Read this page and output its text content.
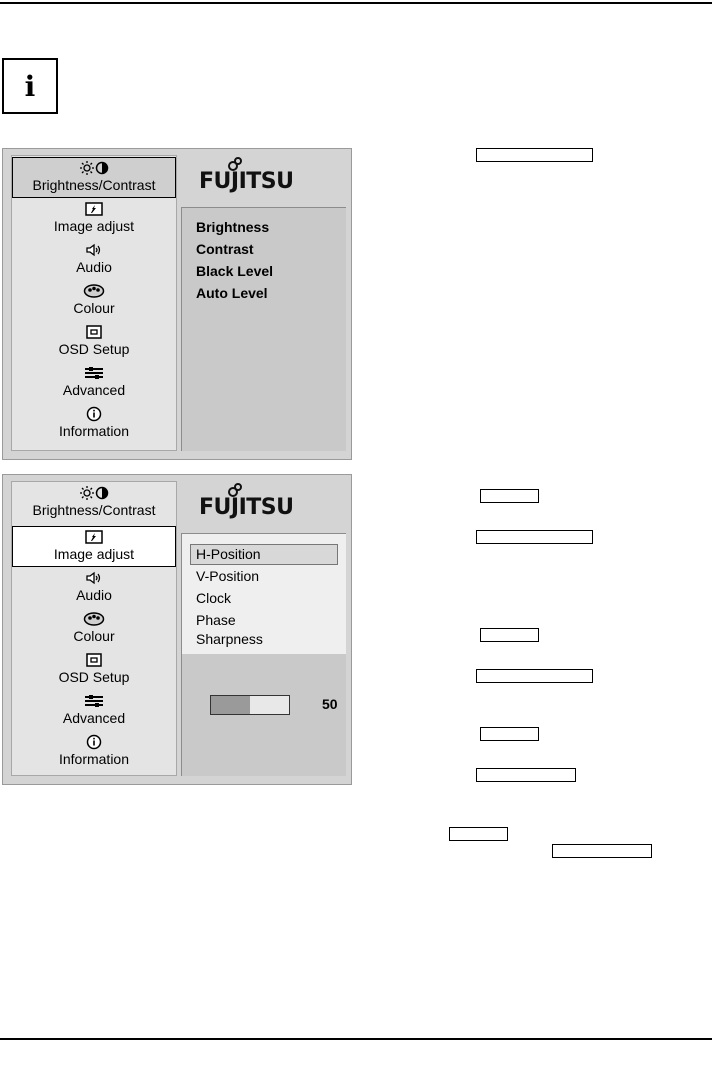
i
Brightness/Contrast
Image adjust
Audio
Colour
OSD Setup
Advanced
Information
FUJITSU
Brightness
Contrast
Black Level
Auto Level
Brightness/Contrast
Image adjust
Audio
Colour
OSD Setup
Advanced
Information
FUJITSU
H-Position
V-Position
Clock
Phase
Sharpness
50
